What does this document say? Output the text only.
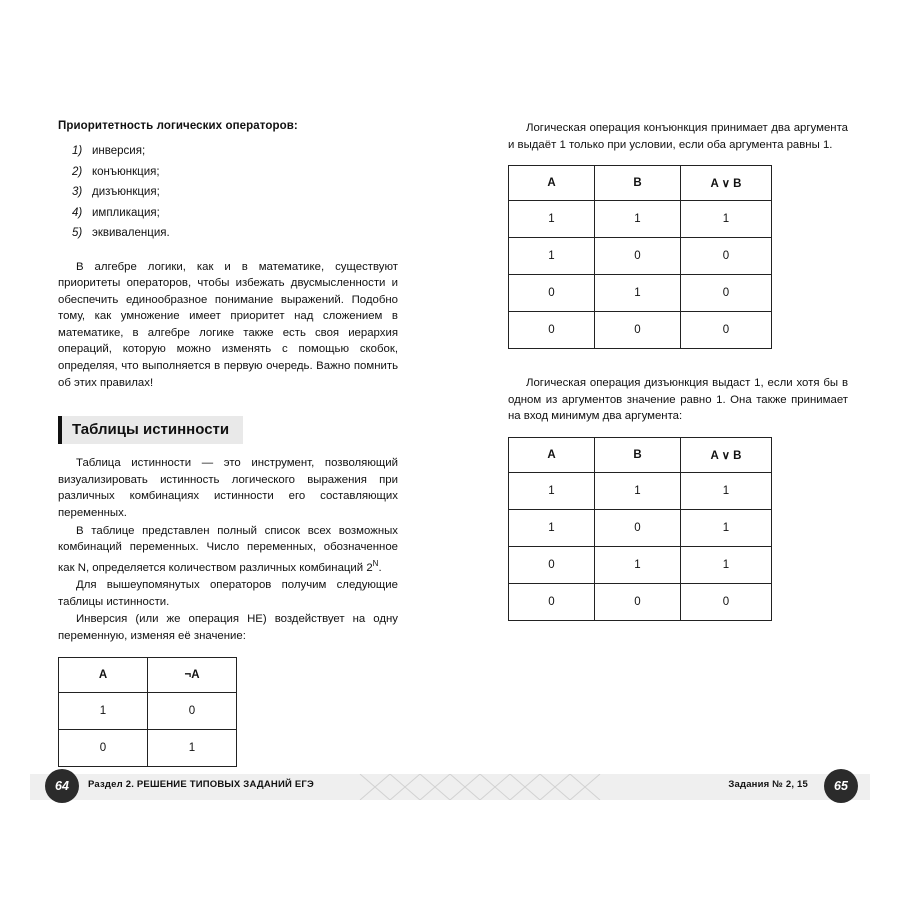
Приоритетность логических операторов:
1) инверсия;
2) конъюнкция;
3) дизъюнкция;
4) импликация;
5) эквиваленция.

В алгебре логики, как и в математике, существуют приоритеты операторов, чтобы избежать двусмысленности и обеспечить единообразное понимание выражений. Подобно тому, как умножение имеет приоритет над сложением в математике, в алгебре логике также есть своя иерархия операций, которую можно изменять с помощью скобок, определяя, что выполняется в первую очередь. Важно помнить об этих правилах!

Таблицы истинности

Таблица истинности — это инструмент, позволяющий визуализировать истинность логического выражения при различных комбинациях истинности его составляющих переменных.

В таблице представлен полный список всех возможных комбинаций переменных. Число переменных, обозначенное как N, определяется количеством различных комбинаций $2^N$.

Для вышеупомянутых операторов получим следующие таблицы истинности.

Инверсия (или же операция НЕ) воздействует на одну переменную, изменяя её значение:

A	¬A
1	0
0	1

Логическая операция конъюнкция принимает два аргумента и выдаёт 1 только при условии, если оба аргумента равны 1.

A	B	A ∨ B
1	1	1
1	0	0
0	1	0
0	0	0

Логическая операция дизъюнкция выдаст 1, если хотя бы в одном из аргументов значение равно 1. Она также принимает на вход минимум два аргумента:

A	B	A ∨ B
1	1	1
1	0	1
0	1	1
0	0	0
64	Раздел 2. РЕШЕНИЕ ТИПОВЫХ ЗАДАНИЙ ЕГЭ	Задания № 2, 15	65
